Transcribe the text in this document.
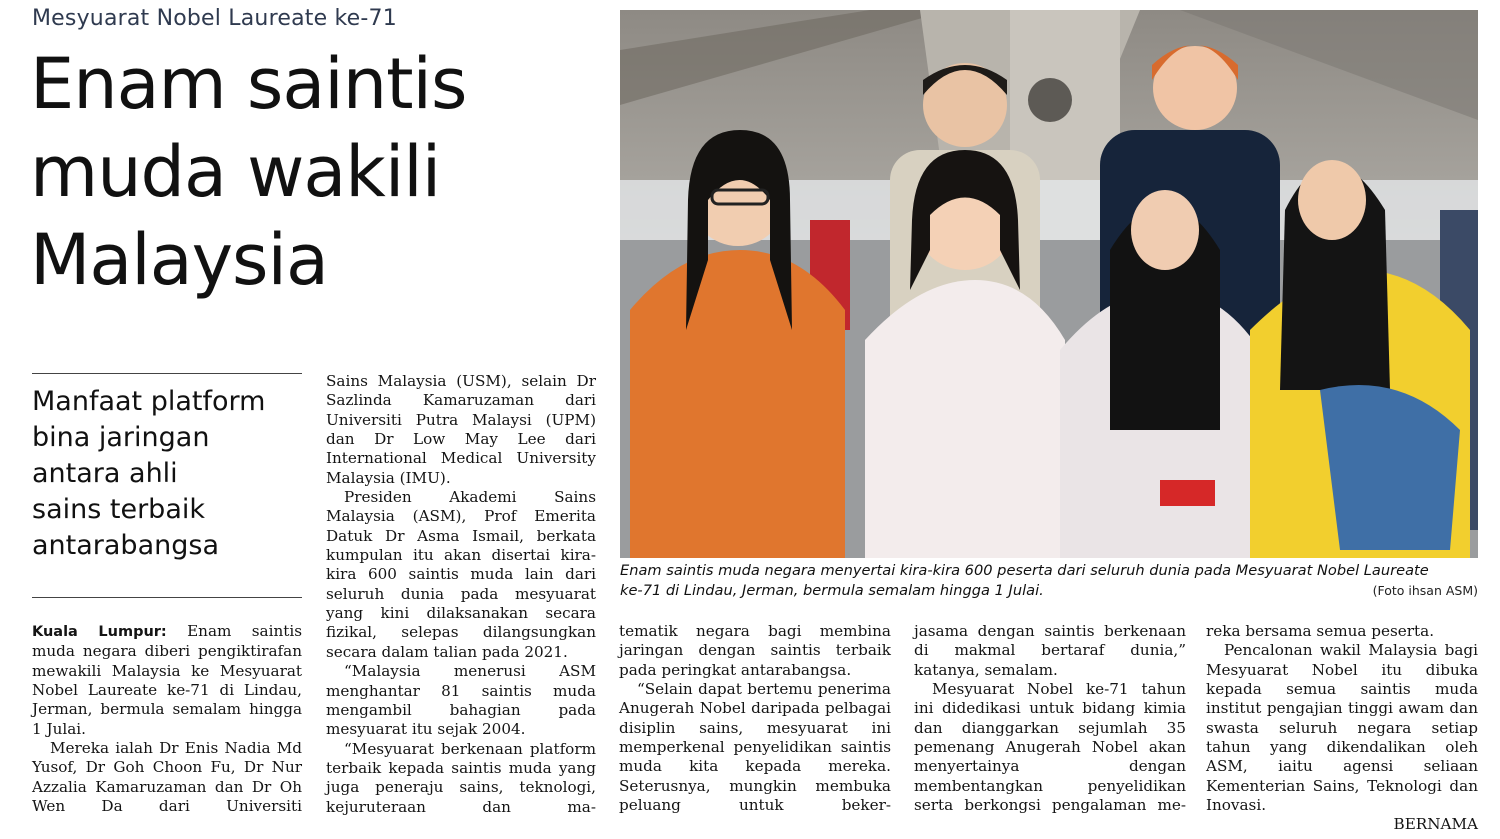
Mesyuarat Nobel Laureate ke-71
Enam saintis
muda wakili
Malaysia
Manfaat platform
bina jaringan
antara ahli
sains terbaik
antarabangsa
Enam saintis muda negara menyertai kira-kira 600 peserta dari seluruh dunia pada Mesyuarat Nobel Laureate
ke-71 di Lindau, Jerman, bermula semalam hingga 1 Julai.	(Foto ihsan ASM)

Kuala Lumpur: Enam saintis muda negara diberi pengiktirafan mewakili Malaysia ke Mesyuarat Nobel Laureate ke-71 di Lindau, Jerman, bermula semalam hingga 1 Julai.

Mereka ialah Dr Enis Nadia Md Yusof, Dr Goh Choon Fu, Dr Nur Azzalia Kamaruzaman dan Dr Oh Wen Da dari Universiti

Sains Malaysia (USM), selain Dr Sazlinda Kamaruzaman dari Universiti Putra Malaysi (UPM) dan Dr Low May Lee dari International Medical University Malaysia (IMU).

Presiden Akademi Sains Malaysia (ASM), Prof Emerita Datuk Dr Asma Ismail, berkata kumpulan itu akan disertai kira-kira 600 saintis muda lain dari seluruh dunia pada mesyuarat yang kini dilaksanakan secara fizikal, selepas dilangsungkan secara dalam talian pada 2021.

“Malaysia menerusi ASM menghantar 81 saintis muda mengambil bahagian pada mesyuarat itu sejak 2004.

“Mesyuarat berkenaan platform terbaik kepada saintis muda yang juga peneraju sains, teknologi, kejuruteraan dan ma-

tematik negara bagi membina jaringan dengan saintis terbaik pada peringkat antarabangsa.

“Selain dapat bertemu penerima Anugerah Nobel daripada pelbagai disiplin sains, mesyuarat ini memperkenal penyelidikan saintis muda kita kepada mereka. Seterusnya, mungkin membuka peluang untuk beker-

jasama dengan saintis berkenaan di makmal bertaraf dunia,” katanya, semalam.

Mesyuarat Nobel ke-71 tahun ini didedikasi untuk bidang kimia dan dianggarkan sejumlah 35 pemenang Anugerah Nobel akan menyertainya dengan membentangkan penyelidikan serta berkongsi pengalaman me-

reka bersama semua peserta.

Pencalonan wakil Malaysia bagi Mesyuarat Nobel itu dibuka kepada semua saintis muda institut pengajian tinggi awam dan swasta seluruh negara setiap tahun yang dikendalikan oleh ASM, iaitu agensi seliaan Kementerian Sains, Teknologi dan Inovasi.

BERNAMA
